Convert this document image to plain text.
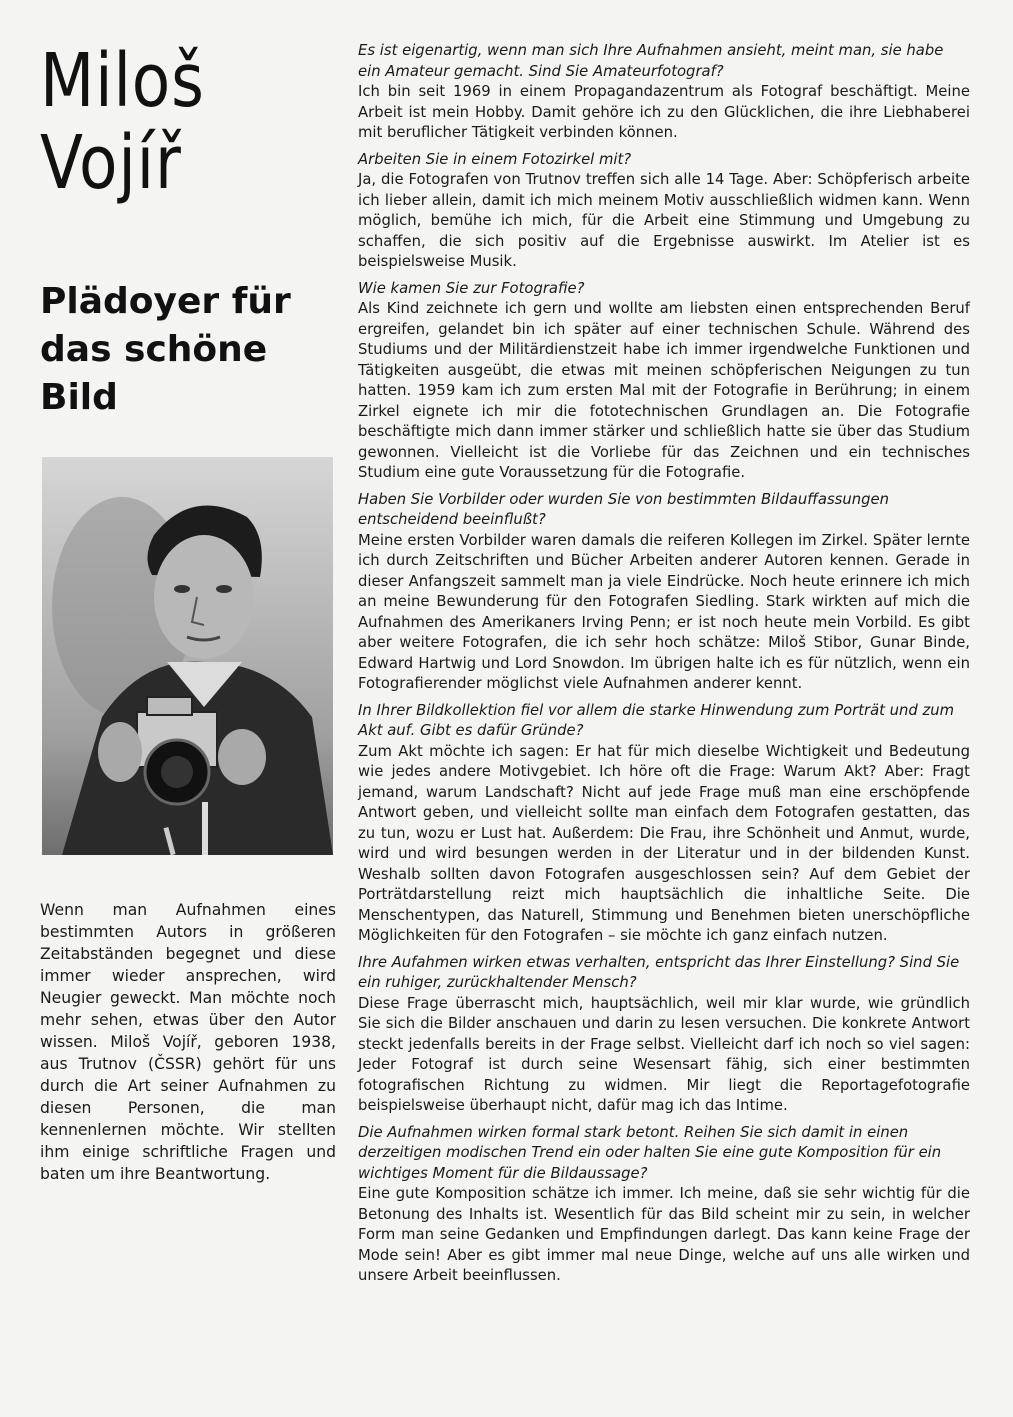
Miloš
Vojíř
Plädoyer für das schöne Bild

Wenn man Aufnahmen eines bestimmten Autors in größeren Zeitabständen begegnet und diese immer wieder ansprechen, wird Neugier geweckt. Man möchte noch mehr sehen, etwas über den Autor wissen. Miloš Vojíř, geboren 1938, aus Trutnov (ČSSR) gehört für uns durch die Art seiner Aufnahmen zu diesen Personen, die man kennenlernen möchte. Wir stellten ihm einige schriftliche Fragen und baten um ihre Beantwortung.

Es ist eigenartig, wenn man sich Ihre Aufnahmen ansieht, meint man, sie habe ein Amateur gemacht. Sind Sie Amateurfotograf?

Ich bin seit 1969 in einem Propagandazentrum als Fotograf beschäftigt. Meine Arbeit ist mein Hobby. Damit gehöre ich zu den Glücklichen, die ihre Liebhaberei mit beruflicher Tätigkeit verbinden können.

Arbeiten Sie in einem Fotozirkel mit?

Ja, die Fotografen von Trutnov treffen sich alle 14 Tage. Aber: Schöpferisch arbeite ich lieber allein, damit ich mich meinem Motiv ausschließlich widmen kann. Wenn möglich, bemühe ich mich, für die Arbeit eine Stimmung und Umgebung zu schaffen, die sich positiv auf die Ergebnisse auswirkt. Im Atelier ist es beispielsweise Musik.

Wie kamen Sie zur Fotografie?

Als Kind zeichnete ich gern und wollte am liebsten einen entsprechenden Beruf ergreifen, gelandet bin ich später auf einer technischen Schule. Während des Studiums und der Militärdienstzeit habe ich immer irgendwelche Funktionen und Tätigkeiten ausgeübt, die etwas mit meinen schöpferischen Neigungen zu tun hatten. 1959 kam ich zum ersten Mal mit der Fotografie in Berührung; in einem Zirkel eignete ich mir die fototechnischen Grundlagen an. Die Fotografie beschäftigte mich dann immer stärker und schließlich hatte sie über das Studium gewonnen. Vielleicht ist die Vorliebe für das Zeichnen und ein technisches Studium eine gute Voraussetzung für die Fotografie.

Haben Sie Vorbilder oder wurden Sie von bestimmten Bildauffassungen entscheidend beeinflußt?

Meine ersten Vorbilder waren damals die reiferen Kollegen im Zirkel. Später lernte ich durch Zeitschriften und Bücher Arbeiten anderer Autoren kennen. Gerade in dieser Anfangszeit sammelt man ja viele Eindrücke. Noch heute erinnere ich mich an meine Bewunderung für den Fotografen Siedling. Stark wirkten auf mich die Aufnahmen des Amerikaners Irving Penn; er ist noch heute mein Vorbild. Es gibt aber weitere Fotografen, die ich sehr hoch schätze: Miloš Stibor, Gunar Binde, Edward Hartwig und Lord Snowdon. Im übrigen halte ich es für nützlich, wenn ein Fotografierender möglichst viele Aufnahmen anderer kennt.

In Ihrer Bildkollektion fiel vor allem die starke Hinwendung zum Porträt und zum Akt auf. Gibt es dafür Gründe?

Zum Akt möchte ich sagen: Er hat für mich dieselbe Wichtigkeit und Bedeutung wie jedes andere Motivgebiet. Ich höre oft die Frage: Warum Akt? Aber: Fragt jemand, warum Landschaft? Nicht auf jede Frage muß man eine erschöpfende Antwort geben, und vielleicht sollte man einfach dem Fotografen gestatten, das zu tun, wozu er Lust hat. Außerdem: Die Frau, ihre Schönheit und Anmut, wurde, wird und wird besungen werden in der Literatur und in der bildenden Kunst. Weshalb sollten davon Fotografen ausgeschlossen sein? Auf dem Gebiet der Porträtdarstellung reizt mich hauptsächlich die inhaltliche Seite. Die Menschentypen, das Naturell, Stimmung und Benehmen bieten unerschöpfliche Möglichkeiten für den Fotografen – sie möchte ich ganz einfach nutzen.

Ihre Aufahmen wirken etwas verhalten, entspricht das Ihrer Einstellung? Sind Sie ein ruhiger, zurückhaltender Mensch?

Diese Frage überrascht mich, hauptsächlich, weil mir klar wurde, wie gründlich Sie sich die Bilder anschauen und darin zu lesen versuchen. Die konkrete Antwort steckt jedenfalls bereits in der Frage selbst. Vielleicht darf ich noch so viel sagen: Jeder Fotograf ist durch seine Wesensart fähig, sich einer bestimmten fotografischen Richtung zu widmen. Mir liegt die Reportagefotografie beispielsweise überhaupt nicht, dafür mag ich das Intime.

Die Aufnahmen wirken formal stark betont. Reihen Sie sich damit in einen derzeitigen modischen Trend ein oder halten Sie eine gute Komposition für ein wichtiges Moment für die Bildaussage?

Eine gute Komposition schätze ich immer. Ich meine, daß sie sehr wichtig für die Betonung des Inhalts ist. Wesentlich für das Bild scheint mir zu sein, in welcher Form man seine Gedanken und Empfindungen darlegt. Das kann keine Frage der Mode sein! Aber es gibt immer mal neue Dinge, welche auf uns alle wirken und unsere Arbeit beeinflussen.
